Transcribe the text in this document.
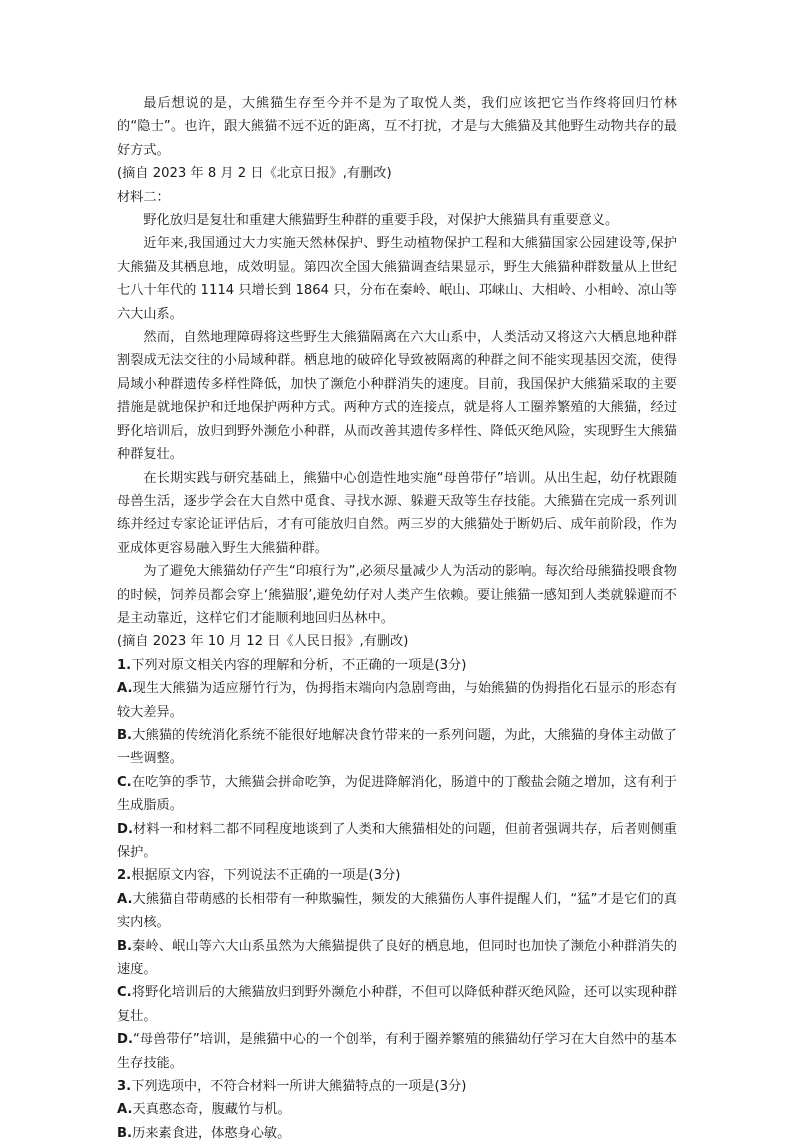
最后想说的是，大熊猫生存至今并不是为了取悦人类，我们应该把它当作终将回归竹林的“隐士”。也许，跟大熊猫不远不近的距离，互不打扰，才是与大熊猫及其他野生动物共存的最好方式。

(摘自 2023 年 8 月 2 日《北京日报》,有删改)

材料二：

野化放归是复壮和重建大熊猫野生种群的重要手段，对保护大熊猫具有重要意义。

近年来,我国通过大力实施天然林保护、野生动植物保护工程和大熊猫国家公园建设等,保护大熊猫及其栖息地，成效明显。第四次全国大熊猫调查结果显示，野生大熊猫种群数量从上世纪七八十年代的 1114 只增长到 1864 只，分布在秦岭、岷山、邛崃山、大相岭、小相岭、凉山等六大山系。

然而，自然地理障碍将这些野生大熊猫隔离在六大山系中，人类活动又将这六大栖息地种群割裂成无法交往的小局域种群。栖息地的破碎化导致被隔离的种群之间不能实现基因交流，使得局域小种群遗传多样性降低，加快了濒危小种群消失的速度。目前，我国保护大熊猫采取的主要措施是就地保护和迁地保护两种方式。两种方式的连接点，就是将人工圈养繁殖的大熊猫，经过野化培训后，放归到野外濒危小种群，从而改善其遗传多样性、降低灭绝风险，实现野生大熊猫种群复壮。

在长期实践与研究基础上，熊猫中心创造性地实施“母兽带仔”培训。从出生起，幼仔枕跟随母兽生活，逐步学会在大自然中觅食、寻找水源、躲避天敌等生存技能。大熊猫在完成一系列训练并经过专家论证评估后，才有可能放归自然。两三岁的大熊猫处于断奶后、成年前阶段，作为亚成体更容易融入野生大熊猫种群。

为了避免大熊猫幼仔产生“印痕行为”,必须尽量减少人为活动的影响。每次给母熊猫投喂食物的时候，饲养员都会穿上‘熊猫服’,避免幼仔对人类产生依赖。要让熊猫一感知到人类就躲避而不是主动靠近，这样它们才能顺利地回归丛林中。

(摘自 2023 年 10 月 12 日《人民日报》,有删改)

1.下列对原文相关内容的理解和分析，不正确的一项是(3分)

A.现生大熊猫为适应掰竹行为，伪拇指末端向内急剧弯曲，与始熊猫的伪拇指化石显示的形态有较大差异。

B.大熊猫的传统消化系统不能很好地解决食竹带来的一系列问题，为此，大熊猫的身体主动做了一些调整。

C.在吃笋的季节，大熊猫会拼命吃笋，为促进降解消化，肠道中的丁酸盐会随之增加，这有利于生成脂质。

D.材料一和材料二都不同程度地谈到了人类和大熊猫相处的问题，但前者强调共存，后者则侧重保护。

2.根据原文内容，下列说法不正确的一项是(3分)

A.大熊猫自带萌感的长相带有一种欺骗性，频发的大熊猫伤人事件提醒人们，“猛”才是它们的真实内核。

B.秦岭、岷山等六大山系虽然为大熊猫提供了良好的栖息地，但同时也加快了濒危小种群消失的速度。

C.将野化培训后的大熊猫放归到野外濒危小种群，不但可以降低种群灭绝风险，还可以实现种群复壮。

D.“母兽带仔”培训，是熊猫中心的一个创举，有利于圈养繁殖的熊猫幼仔学习在大自然中的基本生存技能。

3.下列选项中，不符合材料一所讲大熊猫特点的一项是(3分)

A.天真憨态奇，腹藏竹与机。

B.历来素食进，体憨身心敏。
